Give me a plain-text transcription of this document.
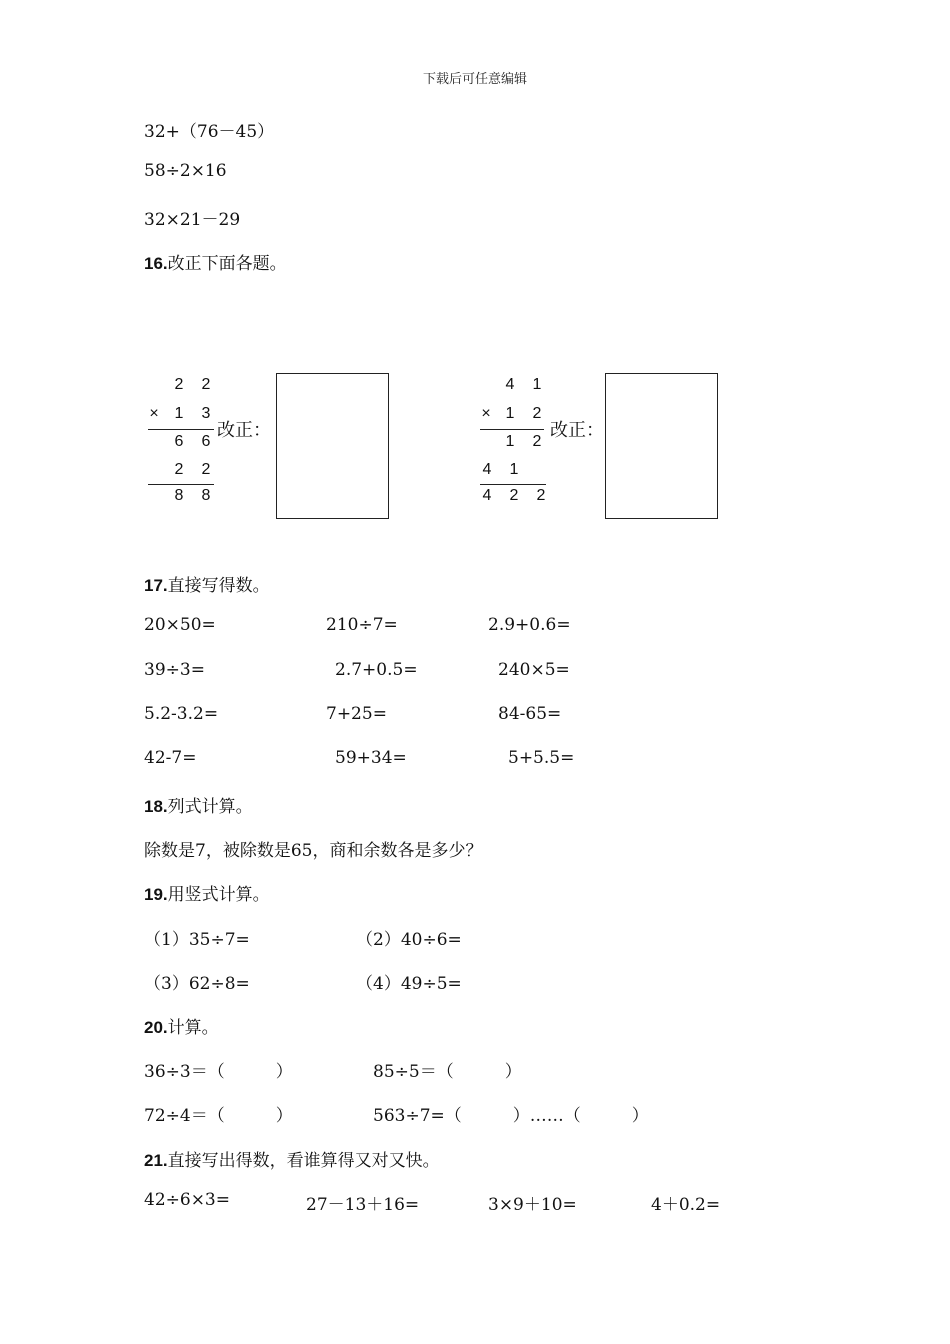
下载后可任意编辑
32+（76－45）
58÷2×16
32×21－29
16.改正下面各题。
2	2
× 1	3
6	6
2	2
8	8
改正：
4	1
× 1	2
1	2
4	1
4	2	2
改正：
17.直接写得数。
20×50=	210÷7=	2.9+0.6=
39÷3=	2.7+0.5=	240×5=
5.2-3.2=	7+25=	84-65=
42-7=	59+34=	5+5.5=
18.列式计算。
除数是7，被除数是65，商和余数各是多少？
19.用竖式计算。
（1）35÷7=	（2）40÷6=
（3）62÷8=	（4）49÷5=
20.计算。
36÷3＝（　　　）	85÷5＝（　　　）
72÷4＝（　　　）	563÷7=（　　　）……（　　　）
21.直接写出得数，看谁算得又对又快。
42÷6×3=	27－13＋16=	3×9＋10=	4＋0.2=
